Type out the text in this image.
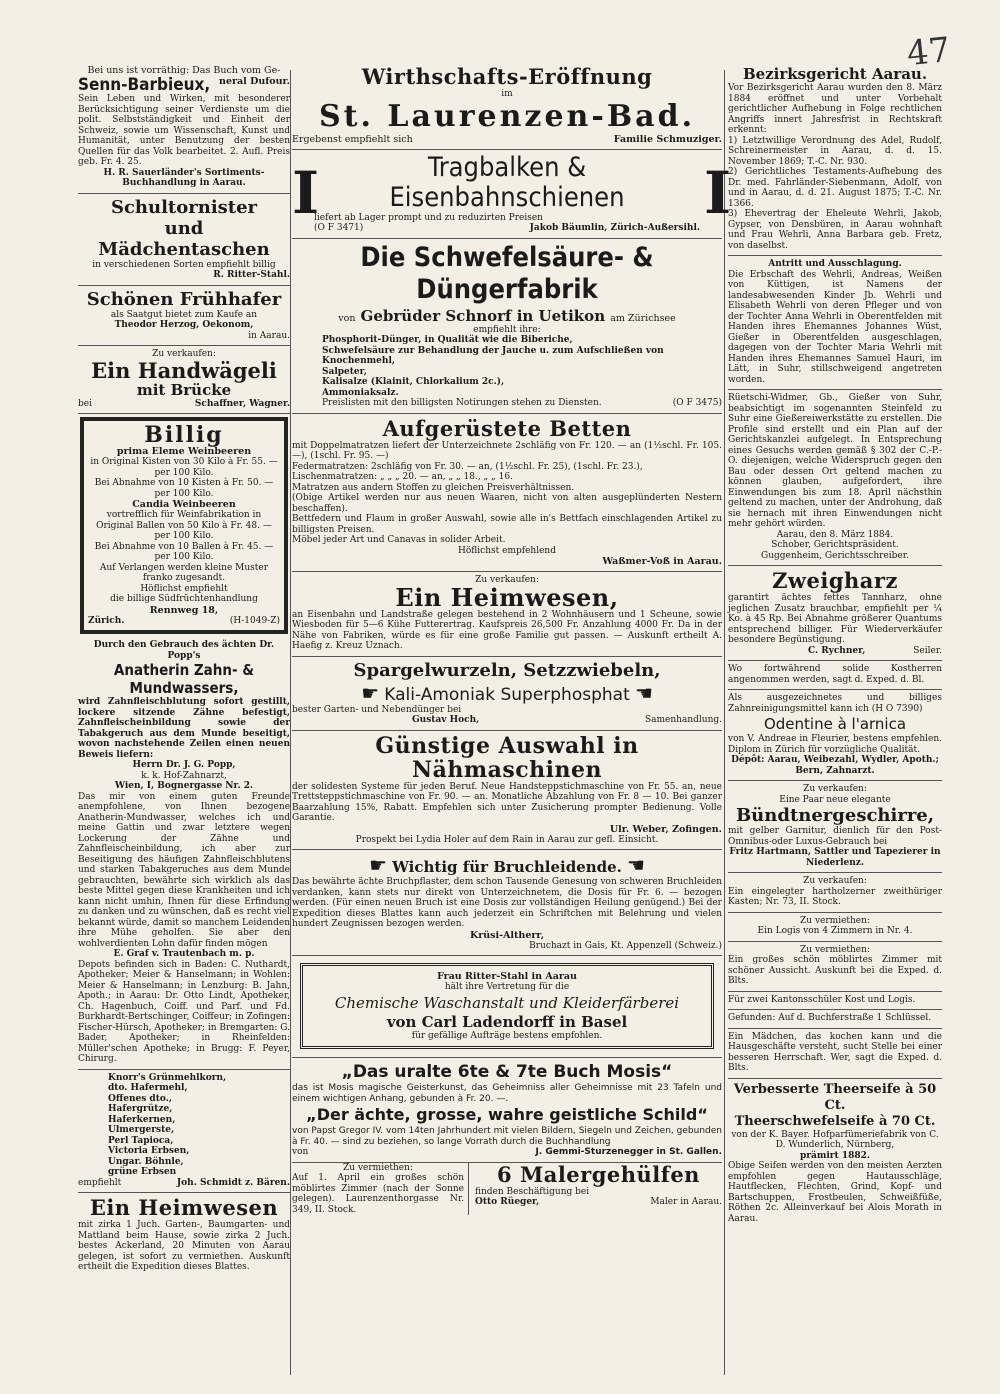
47
Bei uns ist vorräthig: Das Buch vom Ge-
Senn-Barbieux, neral Dufour.
Sein Leben und Wirken, mit besonderer Berücksichtigung seiner Verdienste um die polit. Selbstständigkeit und Einheit der Schweiz, sowie um Wissenschaft, Kunst und Humanität, unter Benutzung der besten Quellen für das Volk bearbeitet. 2. Aufl. Preis geb. Fr. 4. 25.
H. R. Sauerländer's Sortiments-Buchhandlung in Aarau.
Schultornister
und Mädchentaschen
in verschiedenen Sorten empfiehlt billig
R. Ritter-Stahl.
Schönen Frühhafer
als Saatgut bietet zum Kaufe an
Theodor Herzog, Oekonom,
in Aarau.
Zu verkaufen:
Ein Handwägeli
mit Brücke
bei	Schaffner, Wagner.
Billig
prima Eleme Weinbeeren
in Original Kisten von 30 Kilo à Fr. 55. — per 100 Kilo.
Bei Abnahme von 10 Kisten à Fr. 50. — per 100 Kilo.
Candia Weinbeeren
vortrefflich für Weinfabrikation in Original Ballen von 50 Kilo à Fr. 48. — per 100 Kilo.
Bei Abnahme von 10 Ballen à Fr. 45. — per 100 Kilo.
Auf Verlangen werden kleine Muster franko zugesandt.
Höflichst empfiehlt
die billige Südfrüchtenhandlung
Rennweg 18,
Zürich.	(H-1049-Z)
Durch den Gebrauch des ächten Dr. Popp's
Anatherin Zahn- & Mundwassers,
wird Zahnfleischblutung sofort gestillt, lockere sitzende Zähne befestigt, Zahnfleischeinbildung sowie der Tabakgeruch aus dem Munde beseitigt, wovon nachstehende Zeilen einen neuen Beweis liefern:
Herrn Dr. J. G. Popp,
k. k. Hof-Zahnarzt,
Wien, I, Bognergasse Nr. 2.
Das mir von einem guten Freunde anempfohlene, von Ihnen bezogene Anatherin-Mundwasser, welches ich und meine Gattin und zwar letztere wegen Lockerung der Zähne und Zahnfleischeinbildung, ich aber zur Beseitigung des häufigen Zahnfleischblutens und starken Tabakgeruches aus dem Munde gebrauchten, bewährte sich wirklich als das beste Mittel gegen diese Krankheiten und ich kann nicht umhin, Ihnen für diese Erfindung zu danken und zu wünschen, daß es recht viel bekannt würde, damit so manchem Leidenden ihre Mühe geholfen. Sie aber den wohlverdienten Lohn dafür finden mögen
E. Graf v. Trautenbach m. p.
Depots befinden sich in Baden: C. Nuthardt, Apotheker; Meier & Hanselmann; in Wohlen: Meier & Hanselmann; in Lenzburg: B. Jahn, Apoth.; in Aarau: Dr. Otto Lindt, Apotheker, Ch. Hagenbuch, Coiff. und Parf. und Fd. Burkhardt-Bertschinger, Coiffeur; in Zofingen: Fischer-Hürsch, Apotheker; in Bremgarten: G. Bader, Apotheker; in Rheinfelden: Müller'schen Apotheke; in Brugg: F. Peyer, Chirurg.
Knorr's Grünmehlkorn,
dto. Hafermehl,
Offenes dto.,
Hafergrütze,
Haferkernen,
Ulmergerste,
Perl Tapioca,
Victoria Erbsen,
Ungar. Böhnle,
grüne Erbsen
empfiehlt	Joh. Schmidt z. Bären.
Ein Heimwesen
mit zirka 1 Juch. Garten-, Baumgarten- und Mattland beim Hause, sowie zirka 2 Juch. bestes Ackerland, 20 Minuten von Aarau gelegen, ist sofort zu vermiethen. Auskunft ertheilt die Expedition dieses Blattes.
Wirthschafts-Eröffnung
im
St. Laurenzen-Bad.
Ergebenst empfiehlt sich	Familie Schmuziger.
I	Tragbalken & Eisenbahnschienen
liefert ab Lager prompt und zu reduzirten Preisen
(O F 3471)	Jakob Bäumlin, Zürich-Außersihl.
I
Die Schwefelsäure- & Düngerfabrik
von Gebrüder Schnorf in Uetikon am Zürichsee
empfiehlt ihre:
Phosphorit-Dünger, in Qualität wie die Biberiche,
Schwefelsäure zur Behandlung der Jauche u. zum Aufschließen von Knochenmehl,
Salpeter,
Kalisalze (Klainit, Chlorkalium 2c.),
Ammoniaksalz.
Preislisten mit den billigsten Notirungen stehen zu Diensten.	(O F 3475)
Aufgerüstete Betten
mit Doppelmatratzen liefert der Unterzeichnete 2schläfig von Fr. 120. — an (1½schl. Fr. 105. —), (1schl. Fr. 95. —)
Federmatratzen: 2schläfig von Fr. 30. — an, (1½schl. Fr. 25), (1schl. Fr. 23.),
Lischenmatratzen: „ „ „ 20. — an, „ „ 18., „ „ 16.
Matratzen aus andern Stoffen zu gleichen Preisverhältnissen.
(Obige Artikel werden nur aus neuen Waaren, nicht von alten ausgeplünderten Nestern beschaffen).
Bettfedern und Flaum in großer Auswahl, sowie alle in's Bettfach einschlagenden Artikel zu billigsten Preisen.
Möbel jeder Art und Canavas in solider Arbeit.
Höflichst empfehlend
Waßmer-Voß in Aarau.
Zu verkaufen:
Ein Heimwesen,
an Eisenbahn und Landstraße gelegen bestehend in 2 Wohnhäusern und 1 Scheune, sowie Wiesboden für 5—6 Kühe Futterertrag. Kaufspreis 26,500 Fr. Anzahlung 4000 Fr. Da in der Nähe von Fabriken, würde es für eine große Familie gut passen. — Auskunft ertheilt A. Haefig z. Kreuz Uznach.
Spargelwurzeln, Setzzwiebeln,
☛ Kali-Amoniak Superphosphat ☛
bester Garten- und Nebendünger bei
Gustav Hoch,	Samenhandlung.
Günstige Auswahl in Nähmaschinen
der solidesten Systeme für jeden Beruf. Neue Handsteppstichmaschine von Fr. 55. an, neue Trettsteppstichmaschine von Fr. 90. — an. Monatliche Abzahlung von Fr. 8 — 10. Bei ganzer Baarzahlung 15%, Rabatt. Empfehlen sich unter Zusicherung prompter Bedienung. Volle Garantie.
Ulr. Weber, Zofingen.
Prospekt bei Lydia Holer auf dem Rain in Aarau zur gefl. Einsicht.
☛ Wichtig für Bruchleidende. ☛
Das bewährte ächte Bruchpflaster, dem schon Tausende Genesung von schweren Bruchleiden verdanken, kann stets nur direkt von Unterzeichnetem, die Dosis für Fr. 6. — bezogen werden. (Für einen neuen Bruch ist eine Dosis zur vollständigen Heilung genügend.) Bei der Expedition dieses Blattes kann auch jederzeit ein Schriftchen mit Belehrung und vielen hundert Zeugnissen bezogen werden.
Krüsi-Altherr,
Bruchazt in Gais, Kt. Appenzell (Schweiz.)
Frau Ritter-Stahl in Aarau
hält ihre Vertretung für die
Chemische Waschanstalt und Kleiderfärberei
von Carl Ladendorff in Basel
für gefällige Aufträge bestens empfohlen.
„Das uralte 6te & 7te Buch Mosis“
das ist Mosis magische Geisterkunst, das Geheimniss aller Geheimnisse mit 23 Tafeln und einem wichtigen Anhang, gebunden à Fr. 20. —.
„Der ächte, grosse, wahre geistliche Schild“
von Papst Gregor IV. vom 14ten Jahrhundert mit vielen Bildern, Siegeln und Zeichen, gebunden à Fr. 40. — sind zu beziehen, so lange Vorrath durch die Buchhandlung
von	J. Gemmi-Sturzenegger in St. Gallen.
Zu vermiethen:
Auf 1. April ein großes schön möblirtes Zimmer (nach der Sonne gelegen). Laurenzenthorgasse Nr. 349, II. Stock.
6 Malergehülfen
finden Beschäftigung bei
Otto Rüeger,	Maler in Aarau.
Bezirksgericht Aarau.
Vor Bezirksgericht Aarau wurden den 8. März 1884 eröffnet und unter Vorbehalt gerichtlicher Aufhebung in Folge rechtlichen Angriffs innert Jahresfrist in Rechtskraft erkennt:
1) Letztwillige Verordnung des Adel, Rudolf, Schreinermeister in Aarau, d. d. 15. November 1869; T.-C. Nr. 930.
2) Gerichtliches Testaments-Aufhebung des Dr. med. Fahrländer-Siebenmann, Adolf, von und in Aarau, d. d. 21. August 1875; T.-C. Nr. 1366.
3) Ehevertrag der Eheleute Wehrli, Jakob, Gypser, von Densbüren, in Aarau wohnhaft und Frau Wehrli, Anna Barbara geb. Fretz, von daselbst.
Antritt und Ausschlagung.
Die Erbschaft des Wehrli, Andreas, Weißen von Küttigen, ist Namens der landesabwesenden Kinder Jb. Wehrli und Elisabeth Wehrli von deren Pfleger und von der Tochter Anna Wehrli in Oberentfelden mit Handen ihres Ehemannes Johannes Wüst, Gießer in Oberentfelden ausgeschlagen, dagegen von der Tochter Maria Wehrli mit Handen ihres Ehemannes Samuel Hauri, im Lätt, in Suhr, stillschweigend angetreten worden.
Rüetschi-Widmer, Gb., Gießer von Suhr, beabsichtigt im sogenannten Steinfeld zu Suhr eine Gießereiwerkstätte zu erstellen. Die Profile sind erstellt und ein Plan auf der Gerichtskanzlei aufgelegt. In Entsprechung eines Gesuchs werden gemäß § 302 der C.-P.-O. diejenigen, welche Widerspruch gegen den Bau oder dessen Ort geltend machen zu können glauben, aufgefordert, ihre Einwendungen bis zum 18. April nächsthin geltend zu machen, unter der Androhung, daß sie hernach mit ihren Einwendungen nicht mehr gehört würden.
Aarau, den 8. März 1884.
Schober, Gerichtspräsident.
Guggenheim, Gerichtsschreiber.
Zweigharz
garantirt ächtes fettes Tannharz, ohne jeglichen Zusatz brauchbar, empfiehlt per ¼ Ko. à 45 Rp. Bei Abnahme größerer Quantums entsprechend billiger. Für Wiederverkäufer besondere Begünstigung.
C. Rychner,	Seiler.
Wo fortwährend solide Kostherren angenommen werden, sagt d. Exped. d. Bl.
Als ausgezeichnetes und billiges Zahnreinigungsmittel kann ich (H O 7390)
Odentine à l'arnica
von V. Andreae in Fleurier, bestens empfehlen. Diplom in Zürich für vorzügliche Qualität.
Dépôt: Aarau, Weibezahl, Wydler, Apoth.; Bern, Zahnarzt.
Zu verkaufen:
Eine Paar neue elegante
Bündtnergeschirre,
mit gelber Garnitur, dienlich für den Post-Omnibus-oder Luxus-Gebrauch bei
Fritz Hartmann, Sattler und Tapezierer in Niederlenz.
Zu verkaufen:
Ein eingelegter hartholzerner zweithüriger Kasten; Nr. 73, II. Stock.
Zu vermiethen:
Ein Logis von 4 Zimmern in Nr. 4.
Zu vermiethen:
Ein großes schön möblirtes Zimmer mit schöner Aussicht. Auskunft bei die Exped. d. Blts.
Für zwei Kantonsschüler Kost und Logis.
Gefunden: Auf d. Buchferstraße 1 Schlüssel.
Ein Mädchen, das kochen kann und die Hausgeschäfte versteht, sucht Stelle bei einer besseren Herrschaft. Wer, sagt die Exped. d. Blts.
Verbesserte Theerseife à 50 Ct.
Theerschwefelseife à 70 Ct.
von der K. Bayer. Hofparfümeriefabrik von C. D. Wunderlich, Nürnberg,
prämirt 1882.
Obige Seifen werden von den meisten Aerzten empfohlen gegen Hautausschläge, Hautflecken, Flechten, Grind, Kopf- und Bartschuppen, Frostbeulen, Schweißfüße, Röthen 2c. Alleinverkauf bei Alois Morath in Aarau.
